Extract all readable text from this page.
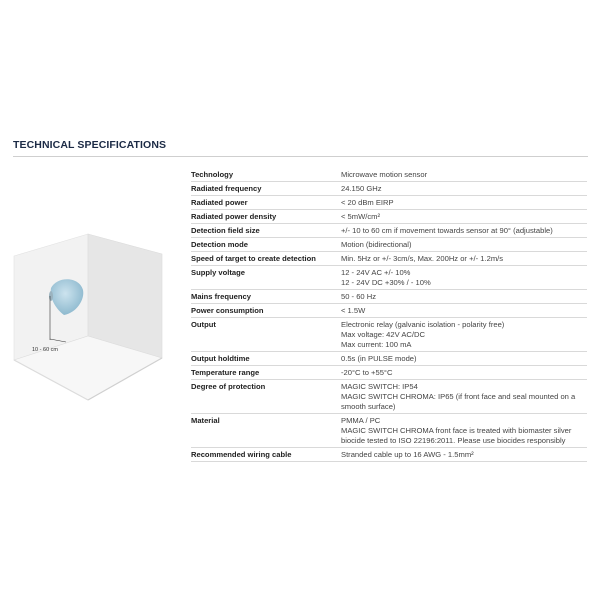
TECHNICAL SPECIFICATIONS
10 - 60 cm
Technology	Microwave motion sensor

Radiated frequency	24.150 GHz

Radiated power	< 20 dBm EIRP

Radiated power density	< 5mW/cm²

Detection field size	+/- 10 to 60 cm if movement towards sensor at 90° (adjustable)

Detection mode	Motion (bidirectional)

Speed of target to create detection	Min. 5Hz or +/- 3cm/s, Max. 200Hz or +/- 1.2m/s

Supply voltage	12 - 24V AC +/- 10%
12 - 24V DC +30% / - 10%

Mains frequency	50 - 60 Hz

Power consumption	< 1.5W

Output	Electronic relay (galvanic isolation - polarity free)
Max voltage: 42V AC/DC
Max current: 100 mA

Output holdtime	0.5s (in PULSE mode)

Temperature range	-20°C to +55°C

Degree of protection	MAGIC SWITCH: IP54
MAGIC SWITCH CHROMA: IP65 (if front face and seal mounted on a
smooth surface)

Material	PMMA / PC
MAGIC SWITCH CHROMA front face is treated with biomaster silver
biocide tested to ISO 22196:2011. Please use biocides responsibly

Recommended wiring cable	Stranded cable up to 16 AWG - 1.5mm²
